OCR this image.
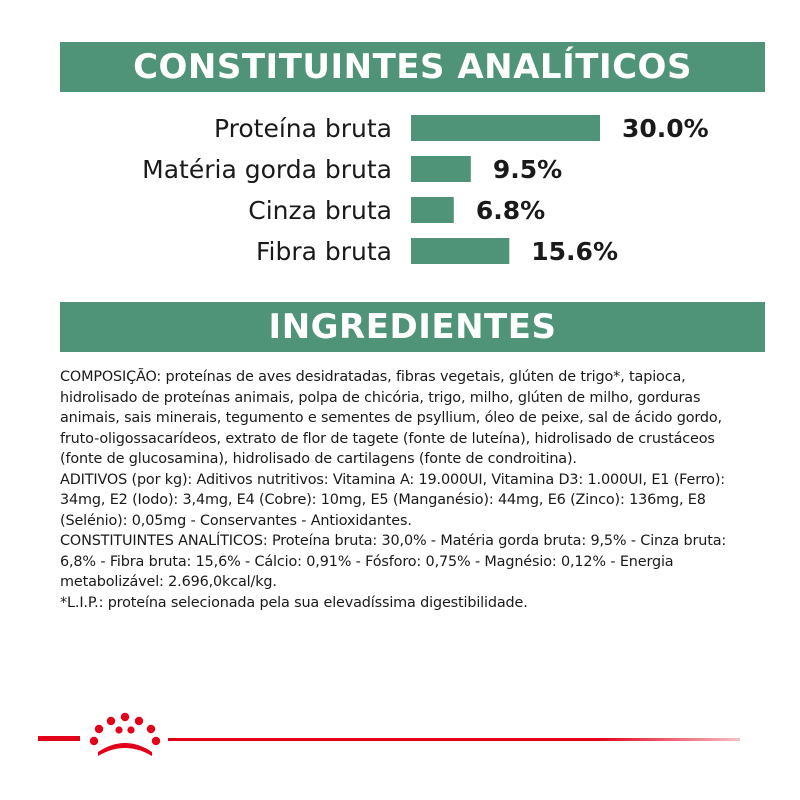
CONSTITUINTES ANALÍTICOS
Proteína bruta	30.0%
Matéria gorda bruta	9.5%
Cinza bruta	6.8%
Fibra bruta	15.6%
INGREDIENTES

COMPOSIÇÃO: proteínas de aves desidratadas, fibras vegetais, glúten de trigo*, tapioca, hidrolisado de proteínas animais, polpa de chicória, trigo, milho, glúten de milho, gorduras animais, sais minerais, tegumento e sementes de psyllium, óleo de peixe, sal de ácido gordo, fruto-oligossacarídeos, extrato de flor de tagete (fonte de luteína), hidrolisado de crustáceos (fonte de glucosamina), hidrolisado de cartilagens (fonte de condroitina).

ADITIVOS (por kg): Aditivos nutritivos: Vitamina A: 19.000UI, Vitamina D3: 1.000UI, E1 (Ferro): 34mg, E2 (Iodo): 3,4mg, E4 (Cobre): 10mg, E5 (Manganésio): 44mg, E6 (Zinco): 136mg, E8 (Selénio): 0,05mg - Conservantes - Antioxidantes.

CONSTITUINTES ANALÍTICOS: Proteína bruta: 30,0% - Matéria gorda bruta: 9,5% - Cinza bruta: 6,8% - Fibra bruta: 15,6% - Cálcio: 0,91% - Fósforo: 0,75% - Magnésio: 0,12% - Energia metabolizável: 2.696,0kcal/kg.

*L.I.P.: proteína selecionada pela sua elevadíssima digestibilidade.
